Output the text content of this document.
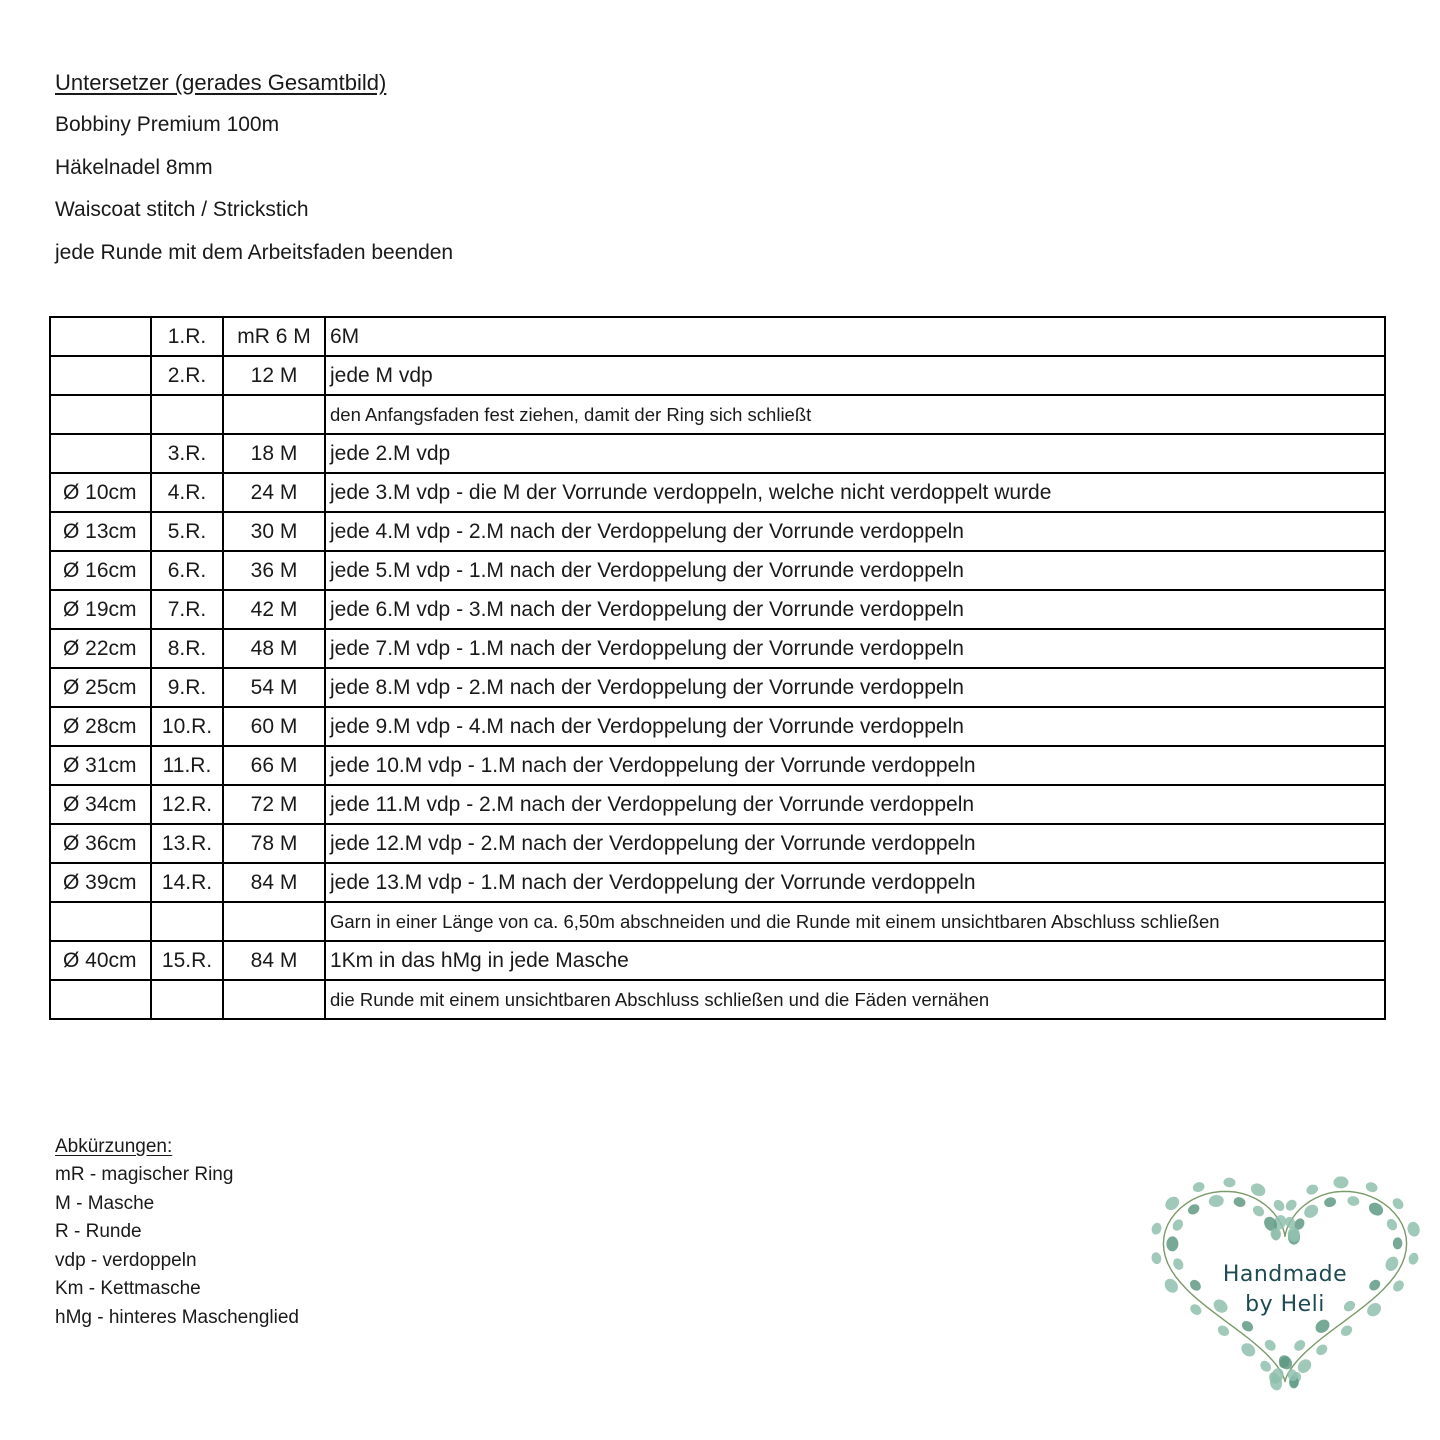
Untersetzer (gerades Gesamtbild)
Bobbiny Premium 100m
Häkelnadel 8mm
Waiscoat stitch / Strickstich
jede Runde mit dem Arbeitsfaden beenden
	1.R.	mR 6 M	6M
	2.R.	12 M	jede M vdp
			den Anfangsfaden fest ziehen, damit der Ring sich schließt
	3.R.	18 M	jede 2.M vdp
Ø 10cm	4.R.	24 M	jede 3.M vdp - die M der Vorrunde verdoppeln, welche nicht verdoppelt wurde
Ø 13cm	5.R.	30 M	jede 4.M vdp - 2.M nach der Verdoppelung der Vorrunde verdoppeln
Ø 16cm	6.R.	36 M	jede 5.M vdp - 1.M nach der Verdoppelung der Vorrunde verdoppeln
Ø 19cm	7.R.	42 M	jede 6.M vdp - 3.M nach der Verdoppelung der Vorrunde verdoppeln
Ø 22cm	8.R.	48 M	jede 7.M vdp - 1.M nach der Verdoppelung der Vorrunde verdoppeln
Ø 25cm	9.R.	54 M	jede 8.M vdp - 2.M nach der Verdoppelung der Vorrunde verdoppeln
Ø 28cm	10.R.	60 M	jede 9.M vdp - 4.M nach der Verdoppelung der Vorrunde verdoppeln
Ø 31cm	11.R.	66 M	jede 10.M vdp - 1.M nach der Verdoppelung der Vorrunde verdoppeln
Ø 34cm	12.R.	72 M	jede 11.M vdp - 2.M nach der Verdoppelung der Vorrunde verdoppeln
Ø 36cm	13.R.	78 M	jede 12.M vdp - 2.M nach der Verdoppelung der Vorrunde verdoppeln
Ø 39cm	14.R.	84 M	jede 13.M vdp - 1.M nach der Verdoppelung der Vorrunde verdoppeln
			Garn in einer Länge von ca. 6,50m abschneiden und die Runde mit einem unsichtbaren Abschluss schließen
Ø 40cm	15.R.	84 M	1Km in das hMg in jede Masche
			die Runde mit einem unsichtbaren Abschluss schließen und die Fäden vernähen
Abkürzungen:
mR - magischer Ring
M - Masche
R - Runde
vdp - verdoppeln
Km - Kettmasche
hMg - hinteres Maschenglied
Handmade
by Heli
